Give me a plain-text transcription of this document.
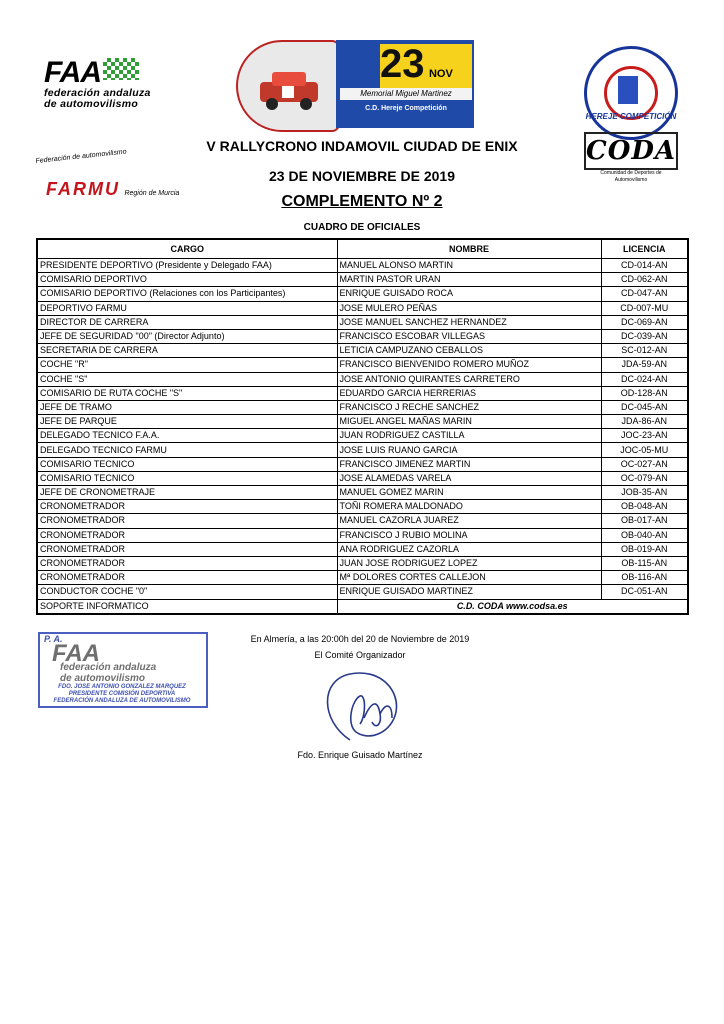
FAA
federación andaluza
de automovilismo
23 NOV
Memorial Miguel Martinez
C.D. Hereje Competición
HEREJE COMPETICIÓN
CODA
Comunidad de Deportes de Automovilismo
Federación de automovilismo
FARMU Región de Murcia
V RALLYCRONO INDAMOVIL CIUDAD DE ENIX
23 DE NOVIEMBRE DE 2019
COMPLEMENTO Nº 2
CUADRO DE OFICIALES
CARGO	NOMBRE	LICENCIA
PRESIDENTE DEPORTIVO (Presidente y Delegado FAA)	MANUEL ALONSO MARTIN	CD-014-AN
COMISARIO DEPORTIVO	MARTIN PASTOR URAN	CD-062-AN
COMISARIO DEPORTIVO (Relaciones con los Participantes)	ENRIQUE GUISADO ROCA	CD-047-AN
DEPORTIVO FARMU	JOSE MULERO PEÑAS	CD-007-MU
DIRECTOR DE CARRERA	JOSE MANUEL SANCHEZ HERNANDEZ	DC-069-AN
JEFE DE SEGURIDAD "00" (Director Adjunto)	FRANCISCO ESCOBAR VILLEGAS	DC-039-AN
SECRETARIA DE CARRERA	LETICIA CAMPUZANO CEBALLOS	SC-012-AN
COCHE "R"	FRANCISCO BIENVENIDO ROMERO MUÑOZ	JDA-59-AN
COCHE "S"	JOSE ANTONIO QUIRANTES CARRETERO	DC-024-AN
COMISARIO DE RUTA COCHE "S"	EDUARDO GARCIA HERRERIAS	OD-128-AN
JEFE DE TRAMO	FRANCISCO J RECHE SANCHEZ	DC-045-AN
JEFE DE PARQUE	MIGUEL ANGEL MAÑAS MARIN	JDA-86-AN
DELEGADO TECNICO F.A.A.	JUAN RODRIGUEZ CASTILLA	JOC-23-AN
DELEGADO TECNICO FARMU	JOSE LUIS RUANO GARCIA	JOC-05-MU
COMISARIO TECNICO	FRANCISCO JIMENEZ MARTIN	OC-027-AN
COMISARIO TECNICO	JOSE ALAMEDAS VARELA	OC-079-AN
JEFE DE CRONOMETRAJE	MANUEL GOMEZ MARIN	JOB-35-AN
CRONOMETRADOR	TOÑI ROMERA MALDONADO	OB-048-AN
CRONOMETRADOR	MANUEL CAZORLA JUAREZ	OB-017-AN
CRONOMETRADOR	FRANCISCO J RUBIO MOLINA	OB-040-AN
CRONOMETRADOR	ANA RODRIGUEZ CAZORLA	OB-019-AN
CRONOMETRADOR	JUAN JOSE RODRIGUEZ LOPEZ	OB-115-AN
CRONOMETRADOR	Mª DOLORES CORTES CALLEJON	OB-116-AN
CONDUCTOR COCHE "0"	ENRIQUE GUISADO MARTINEZ	DC-051-AN
SOPORTE INFORMATICO	C.D. CODA www.codsa.es	
P. A.
FAA
federación andaluza
de automovilismo
FDO. JOSE ANTONIO GONZALEZ MARQUEZ
PRESIDENTE COMISIÓN DEPORTIVA
FEDERACIÓN ANDALUZA DE AUTOMOVILISMO
En Almería, a las 20:00h del 20 de Noviembre de 2019
El Comité Organizador
Fdo. Enrique Guisado Martínez
